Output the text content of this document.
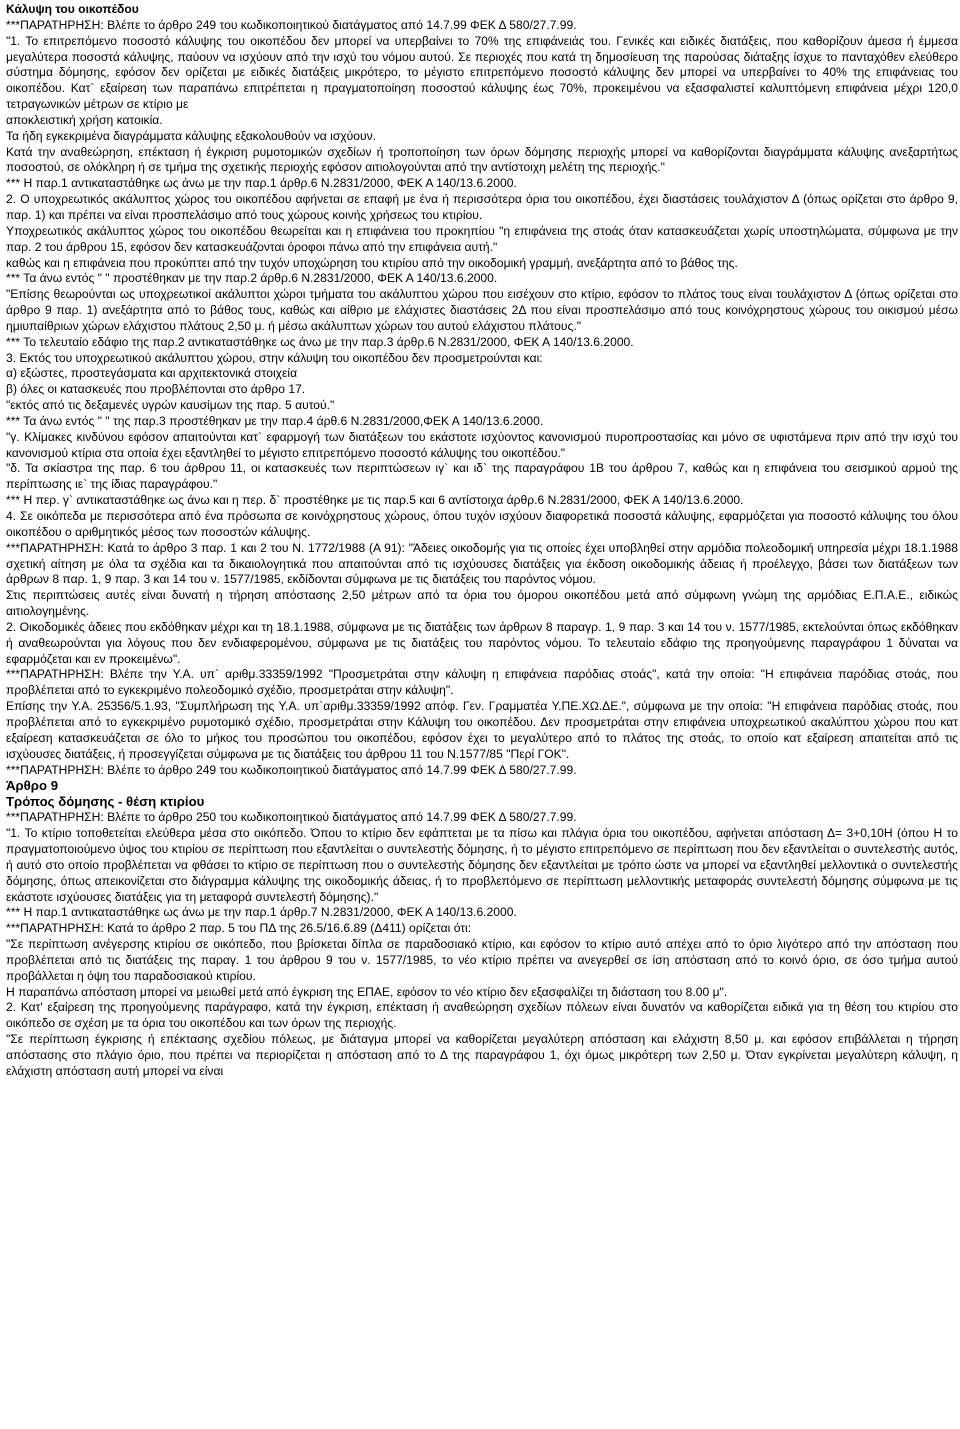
Κάλυψη του οικοπέδου

***ΠΑΡΑΤΗΡΗΣΗ: Βλέπε το άρθρο 249 του κωδικοποιητικού διατάγματος από 14.7.99 ΦΕΚ Δ 580/27.7.99.

"1. Το επιτρεπόμενο ποσοστό κάλυψης του οικοπέδου δεν μπορεί να υπερβαίνει το 70% της επιφάνειάς του. Γενικές και ειδικές διατάξεις, που καθορίζουν άμεσα ή έμμεσα μεγαλύτερα ποσοστά κάλυψης, παύουν να ισχύουν από την ισχύ του νόμου αυτού. Σε περιοχές που κατά τη δημοσίευση της παρούσας διάταξης ίσχυε το πανταχόθεν ελεύθερο σύστημα δόμησης, εφόσον δεν ορίζεται με ειδικές διατάξεις μικρότερο, το μέγιστο επιτρεπόμενο ποσοστό κάλυψης δεν μπορεί να υπερβαίνει το 40% της επιφάνειας του οικοπέδου. Κατ` εξαίρεση των παραπάνω επιτρέπεται η πραγματοποίηση ποσοστού κάλυψης έως 70%, προκειμένου να εξασφαλιστεί καλυπτόμενη επιφάνεια μέχρι 120,0 τετραγωνικών μέτρων σε κτίριο με

αποκλειστική χρήση κατοικία.

Τα ήδη εγκεκριμένα διαγράμματα κάλυψης εξακολουθούν να ισχύουν.

Κατά την αναθεώρηση, επέκταση ή έγκριση ρυμοτομικών σχεδίων ή τροποποίηση των όρων δόμησης περιοχής μπορεί να καθορίζονται διαγράμματα κάλυψης ανεξαρτήτως ποσοστού, σε ολόκληρη ή σε τμήμα της σχετικής περιοχής εφόσον αιτιολογούνται από την αντίστοιχη μελέτη της περιοχής."

*** Η παρ.1 αντικαταστάθηκε ως άνω με την παρ.1 άρθρ.6 Ν.2831/2000, ΦΕΚ Α 140/13.6.2000.

2. Ο υποχρεωτικός ακάλυπτος χώρος του οικοπέδου αφήνεται σε επαφή με ένα ή περισσότερα όρια του οικοπέδου, έχει διαστάσεις τουλάχιστον Δ (όπως ορίζεται στο άρθρο 9, παρ. 1) και πρέπει να είναι προσπελάσιμο από τους χώρους κοινής χρήσεως του κτιρίου.

Υποχρεωτικός ακάλυπτος χώρος του οικοπέδου θεωρείται και η επιφάνεια του προκηπίου "η επιφάνεια της στοάς όταν κατασκευάζεται χωρίς υποστηλώματα, σύμφωνα με την παρ. 2 του άρθρου 15, εφόσον δεν κατασκευάζονται όροφοι πάνω από την επιφάνεια αυτή."

καθώς και η επιφάνεια που προκύπτει από την τυχόν υποχώρηση του κτιρίου από την οικοδομική γραμμή, ανεξάρτητα από το βάθος της.

*** Τα άνω εντός " " προστέθηκαν με την παρ.2 άρθρ.6 Ν.2831/2000, ΦΕΚ Α 140/13.6.2000.

"Επίσης θεωρούνται ως υποχρεωτικοί ακάλυπτοι χώροι τμήματα του ακάλυπτου χώρου που εισέχουν στο κτίριο, εφόσον το πλάτος τους είναι τουλάχιστον Δ (όπως ορίζεται στο άρθρο 9 παρ. 1) ανεξάρτητα από το βάθος τους, καθώς και αίθριο με ελάχιστες διαστάσεις 2Δ που είναι προσπελάσιμο από τους κοινόχρηστους χώρους του οικισμού μέσω ημιυπαίθριων χώρων ελάχιστου πλάτους 2,50 μ. ή μέσω ακάλυπτων χώρων του αυτού ελάχιστου πλάτους."

*** Το τελευταίο εδάφιο της παρ.2 αντικαταστάθηκε ως άνω με την παρ.3 άρθρ.6 Ν.2831/2000, ΦΕΚ Α 140/13.6.2000.

3. Εκτός του υποχρεωτικού ακάλυπτου χώρου, στην κάλυψη του οικοπέδου δεν προσμετρούνται και:

α) εξώστες, προστεγάσματα και αρχιτεκτονικά στοιχεία

β) όλες οι κατασκευές που προβλέπονται στο άρθρο 17.

"εκτός από τις δεξαμενές υγρών καυσίμων της παρ. 5 αυτού."

*** Τα άνω εντός " " της παρ.3 προστέθηκαν με την παρ.4 άρθ.6 Ν.2831/2000,ΦΕΚ Α 140/13.6.2000.

"γ. Κλίμακες κινδύνου εφόσον απαιτούνται κατ` εφαρμογή των διατάξεων του εκάστοτε ισχύοντος κανονισμού πυροπροστασίας και μόνο σε υφιστάμενα πριν από την ισχύ του κανονισμού κτίρια στα οποία έχει εξαντληθεί το μέγιστο επιτρεπόμενο ποσοστό κάλυψης του οικοπέδου."

"δ. Τα σκίαστρα της παρ. 6 του άρθρου 11, οι κατασκευές των περιπτώσεων ιγ` και ιδ` της παραγράφου 1Β του άρθρου 7, καθώς και η επιφάνεια του σεισμικού αρμού της περίπτωσης ιε` της ίδιας παραγράφου."

*** Η περ. γ` αντικαταστάθηκε ως άνω και η περ. δ` προστέθηκε με τις παρ.5 και 6 αντίστοιχα άρθρ.6 Ν.2831/2000, ΦΕΚ Α 140/13.6.2000.

4. Σε οικόπεδα με περισσότερα από ένα πρόσωπα σε κοινόχρηστους χώρους, όπου τυχόν ισχύουν διαφορετικά ποσοστά κάλυψης, εφαρμόζεται για ποσοστό κάλυψης του όλου οικοπέδου ο αριθμητικός μέσος των ποσοστών κάλυψης.

***ΠΑΡΑΤΗΡΗΣΗ: Κατά το άρθρο 3 παρ. 1 και 2 του Ν. 1772/1988 (Α 91): "Άδειες οικοδομής για τις οποίες έχει υποβληθεί στην αρμόδια πολεοδομική υπηρεσία μέχρι 18.1.1988 σχετική αίτηση με όλα τα σχέδια και τα δικαιολογητικά που απαιτούνται από τις ισχύουσες διατάξεις για έκδοση οικοδομικής άδειας ή προέλεγχο, βάσει των διατάξεων των άρθρων 8 παρ. 1, 9 παρ. 3 και 14 του ν. 1577/1985, εκδίδονται σύμφωνα με τις διατάξεις του παρόντος νόμου.

Στις περιπτώσεις αυτές είναι δυνατή η τήρηση απόστασης 2,50 μέτρων από τα όρια του όμορου οικοπέδου μετά από σύμφωνη γνώμη της αρμόδιας Ε.Π.Α.Ε., ειδικώς αιτιολογημένης.

2. Οικοδομικές άδειες που εκδόθηκαν μέχρι και τη 18.1.1988, σύμφωνα με τις διατάξεις των άρθρων 8 παραγρ. 1, 9 παρ. 3 και 14 του ν. 1577/1985, εκτελούνται όπως εκδόθηκαν ή αναθεωρούνται για λόγους που δεν ενδιαφερομένου, σύμφωνα με τις διατάξεις του παρόντος νόμου. Το τελευταίο εδάφιο της προηγούμενης παραγράφου 1 δύναται να εφαρμόζεται και εν προκειμένω".

***ΠΑΡΑΤΗΡΗΣΗ: Βλέπε την Υ.Α. υπ` αριθμ.33359/1992 "Προσμετράται στην κάλυψη η επιφάνεια παρόδιας στοάς", κατά την οποία: "Η επιφάνεια παρόδιας στοάς, που προβλέπεται από το εγκεκριμένο πολεοδομικό σχέδιο, προσμετράται στην κάλυψη".

Επίσης την Υ.Α. 25356/5.1.93, "Συμπλήρωση της Υ.Α. υπ`αριθμ.33359/1992 απόφ. Γεν. Γραμματέα Υ.ΠΕ.ΧΩ.ΔΕ.", σύμφωνα με την οποία: "Η επιφάνεια παρόδιας στοάς, που προβλέπεται από το εγκεκριμένο ρυμοτομικό σχέδιο, προσμετράται στην Κάλυψη του οικοπέδου. Δεν προσμετράται στην επιφάνεια υποχρεωτικού ακαλύπτου χώρου που κατ εξαίρεση κατασκευάζεται σε όλο το μήκος του προσώπου του οικοπέδου, εφόσον έχει το μεγαλύτερο από το πλάτος της στοάς, το οποίο κατ εξαίρεση απαιτείται από τις ισχύουσες διατάξεις, ή προσεγγίζεται σύμφωνα με τις διατάξεις του άρθρου 11 του Ν.1577/85 "Περί ΓΟΚ".

***ΠΑΡΑΤΗΡΗΣΗ: Βλέπε το άρθρο 249 του κωδικοποιητικού διατάγματος από 14.7.99 ΦΕΚ Δ 580/27.7.99.

Άρθρο 9

Τρόπος δόμησης - θέση κτιρίου

***ΠΑΡΑΤΗΡΗΣΗ: Βλέπε το άρθρο 250 του κωδικοποιητικού διατάγματος από 14.7.99 ΦΕΚ Δ 580/27.7.99.

"1. Το κτίριο τοποθετείται ελεύθερα μέσα στο οικόπεδο. Όπου το κτίριο δεν εφάπτεται με τα πίσω και πλάγια όρια του οικοπέδου, αφήνεται απόσταση Δ= 3+0,10Η (όπου Η το πραγματοποιούμενο ύψος του κτιρίου σε περίπτωση που εξαντλείται ο συντελεστής δόμησης, ή το μέγιστο επιτρεπόμενο σε περίπτωση που δεν εξαντλείται ο συντελεστής αυτός, ή αυτό στο οποίο προβλέπεται να φθάσει το κτίριο σε περίπτωση που ο συντελεστής δόμησης δεν εξαντλείται με τρόπο ώστε να μπορεί να εξαντληθεί μελλοντικά ο συντελεστής δόμησης, όπως απεικονίζεται στο διάγραμμα κάλυψης της οικοδομικής άδειας, ή το προβλεπόμενο σε περίπτωση μελλοντικής μεταφοράς συντελεστή δόμησης σύμφωνα με τις εκάστοτε ισχύουσες διατάξεις για τη μεταφορά συντελεστή δόμησης)."

*** Η παρ.1 αντικαταστάθηκε ως άνω με την παρ.1 άρθρ.7 Ν.2831/2000, ΦΕΚ Α 140/13.6.2000.

***ΠΑΡΑΤΗΡΗΣΗ: Κατά το άρθρο 2 παρ. 5 του ΠΔ της 26.5/16.6.89 (Δ411) ορίζεται ότι:

"Σε περίπτωση ανέγερσης κτιρίου σε οικόπεδο, που βρίσκεται δίπλα σε παραδοσιακό κτίριο, και εφόσον το κτίριο αυτό απέχει από το όριο λιγότερο από την απόσταση που προβλέπεται από τις διατάξεις της παραγ. 1 του άρθρου 9 του ν. 1577/1985, το νέο κτίριο πρέπει να ανεγερθεί σε ίση απόσταση από το κοινό όριο, σε όσο τμήμα αυτού προβάλλεται η όψη του παραδοσιακού κτιρίου.

Η παραπάνω απόσταση μπορεί να μειωθεί μετά από έγκριση της ΕΠΑΕ, εφόσον το νέο κτίριο δεν εξασφαλίζει τη διάσταση του 8.00 μ".

2. Κατ' εξαίρεση της προηγούμενης παράγραφο, κατά την έγκριση, επέκταση ή αναθεώρηση σχεδίων πόλεων είναι δυνατόν να καθορίζεται ειδικά για τη θέση του κτιρίου στο οικόπεδο σε σχέση με τα όρια του οικοπέδου και των όρων της περιοχής.

"Σε περίπτωση έγκρισης ή επέκτασης σχεδίου πόλεως, με διάταγμα μπορεί να καθορίζεται μεγαλύτερη απόσταση και ελάχιστη 8,50 μ. και εφόσον επιβάλλεται η τήρηση απόστασης στο πλάγιο όριο, που πρέπει να περιορίζεται η απόσταση από το Δ της παραγράφου 1, όχι όμως μικρότερη των 2,50 μ. Όταν εγκρίνεται μεγαλύτερη κάλυψη, η ελάχιστη απόσταση αυτή μπορεί να είναι
